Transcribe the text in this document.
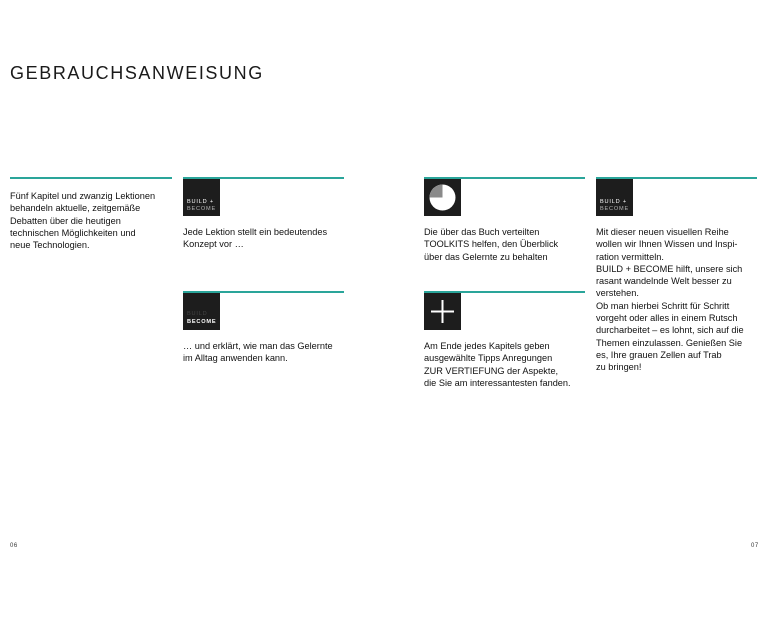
GEBRAUCHSANWEISUNG
Fünf Kapitel und zwanzig Lektionen
behandeln aktuelle, zeitgemäße
Debatten über die heutigen
technischen Möglichkeiten und
neue Technologien.
BUILD +
BECOME
Jede Lektion stellt ein bedeutendes
Konzept vor …
BUILD
BECOME
… und erklärt, wie man das Gelernte
im Alltag anwenden kann.
Die über das Buch verteilten
TOOLKITS helfen, den Überblick
über das Gelernte zu behalten
Am Ende jedes Kapitels geben
ausgewählte Tipps Anregungen
ZUR VERTIEFUNG der Aspekte,
die Sie am interessantesten fanden.
BUILD +
BECOME
Mit dieser neuen visuellen Reihe
wollen wir Ihnen Wissen und Inspi-
ration vermitteln.
BUILD + BECOME hilft, unsere sich
rasant wandelnde Welt besser zu
verstehen.
Ob man hierbei Schritt für Schritt
vorgeht oder alles in einem Rutsch
durcharbeitet – es lohnt, sich auf die
Themen einzulassen. Genießen Sie
es, Ihre grauen Zellen auf Trab
zu bringen!
06	07
